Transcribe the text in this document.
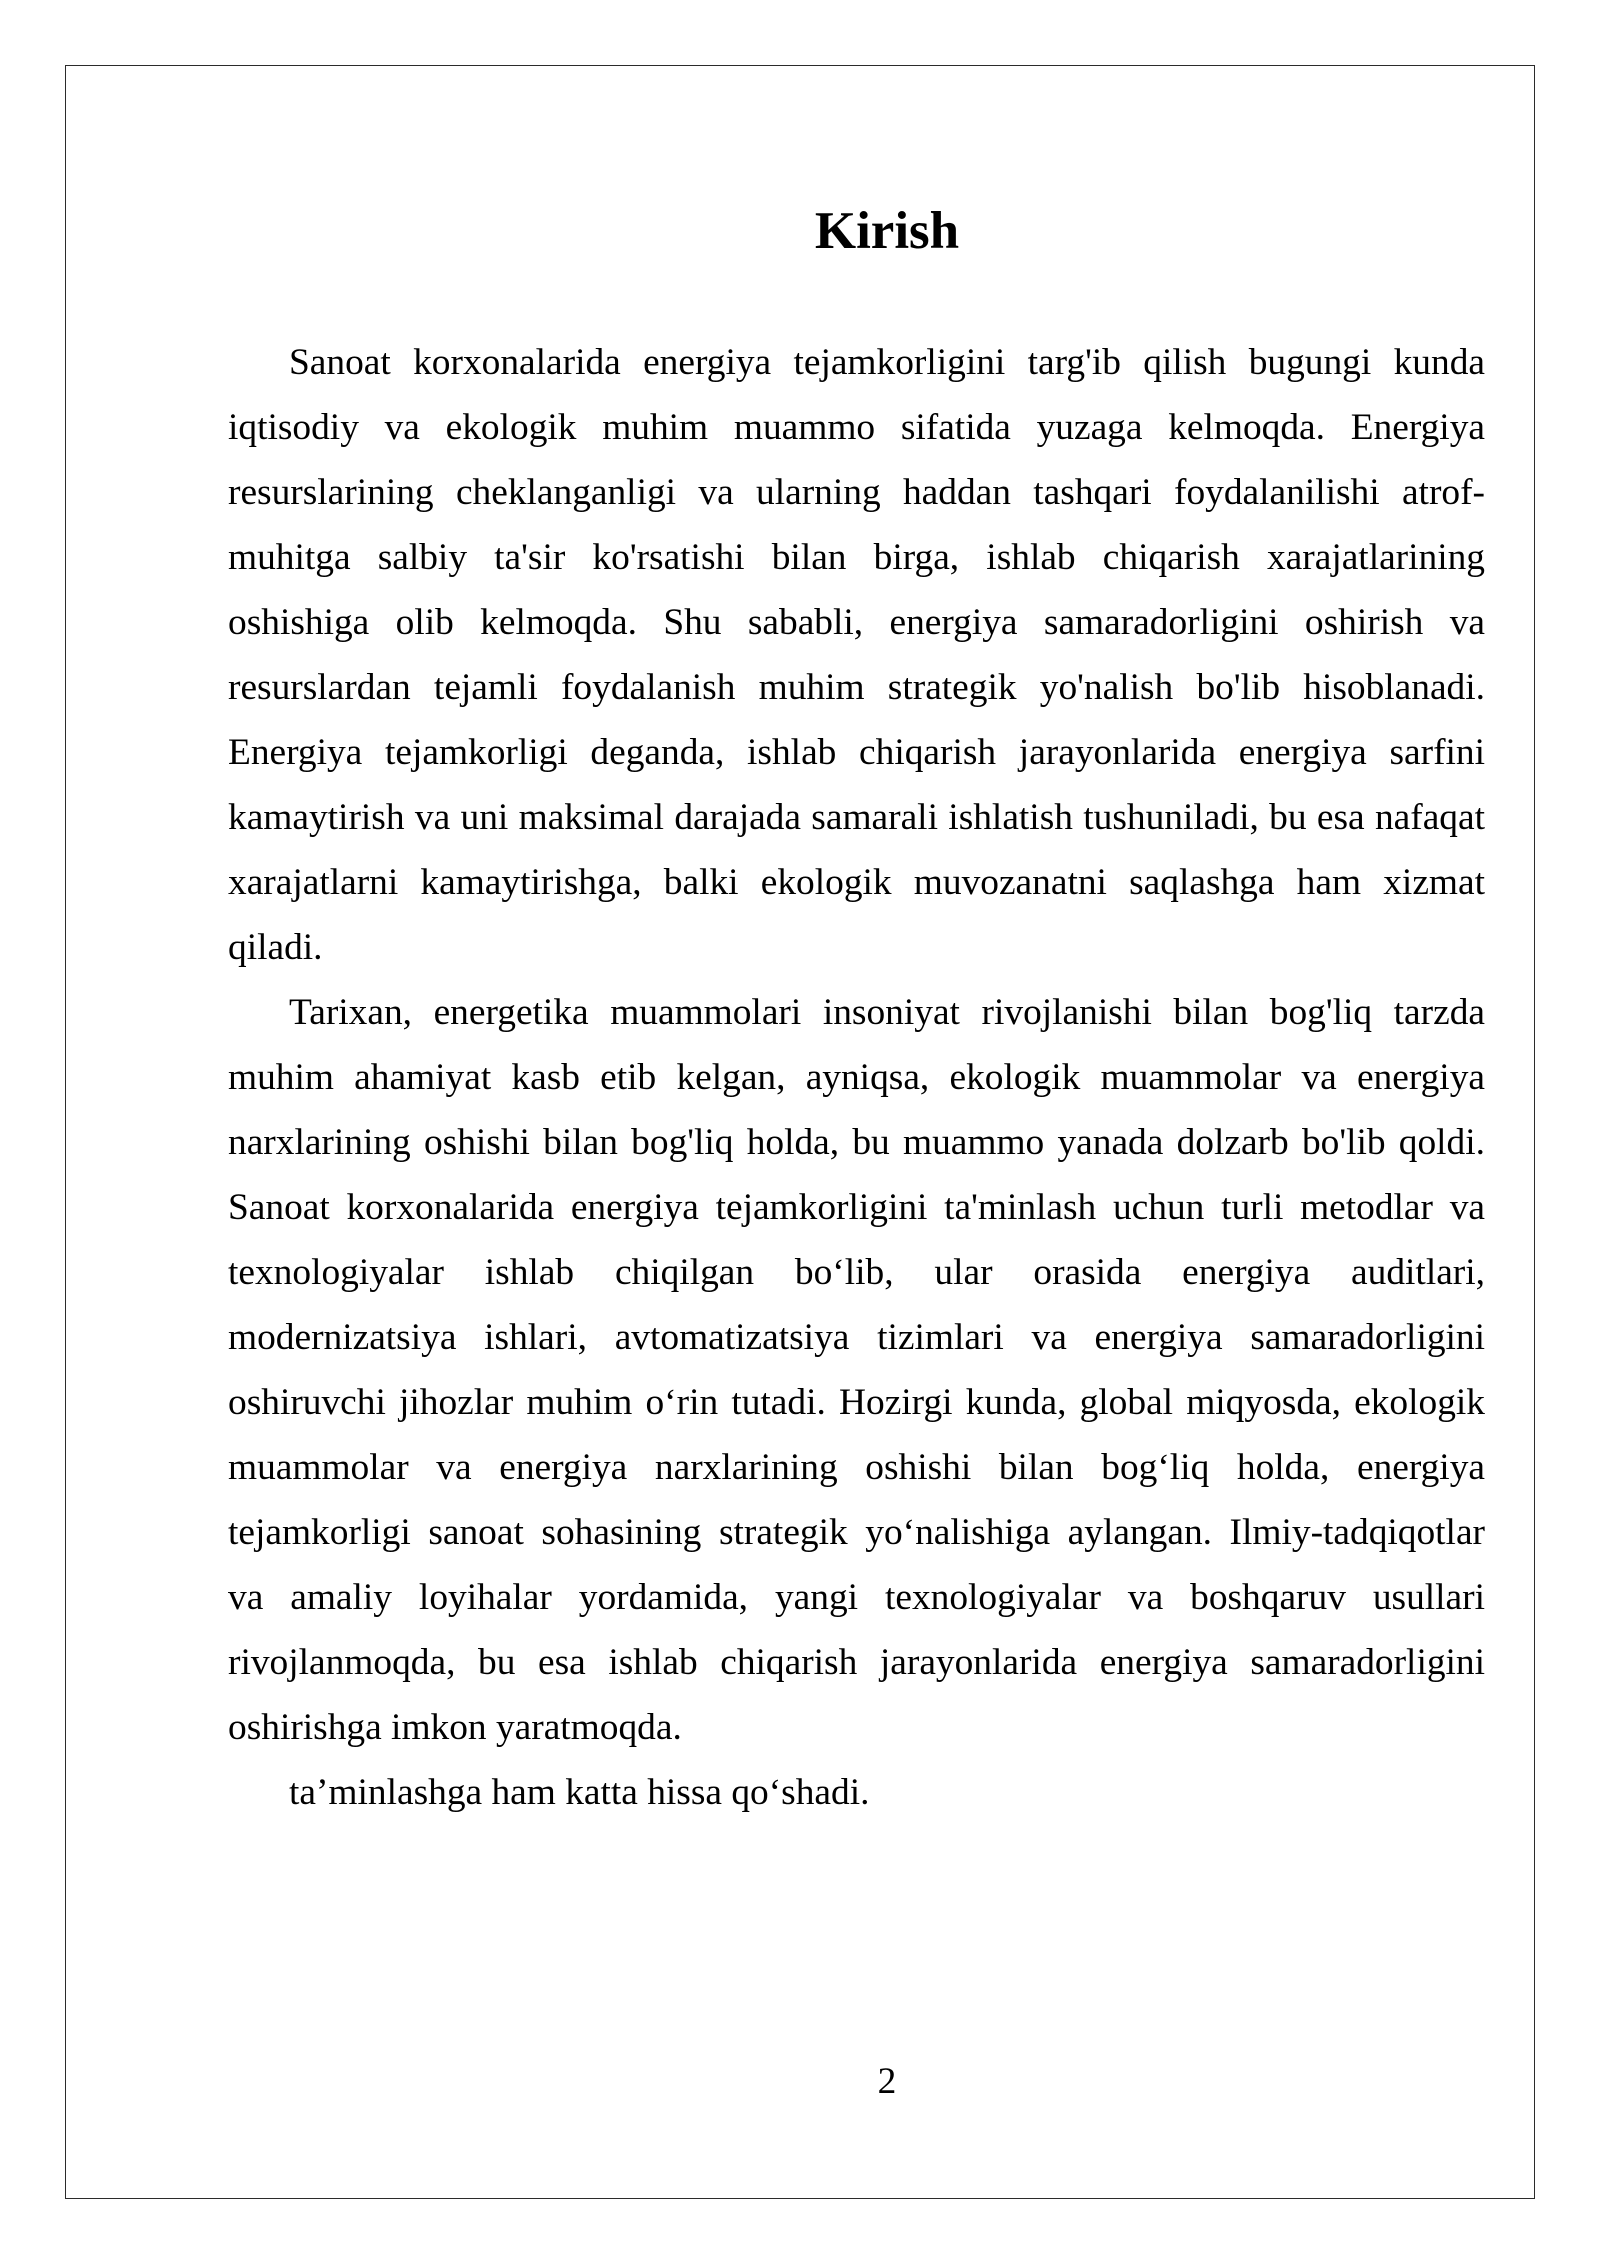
Kirish
Sanoat korxonalarida energiya tejamkorligini targ'ib qilish bugungi kunda
iqtisodiy va ekologik muhim muammo sifatida yuzaga kelmoqda. Energiya
resurslarining cheklanganligi va ularning haddan tashqari foydalanilishi atrof-
muhitga salbiy ta'sir ko'rsatishi bilan birga, ishlab chiqarish xarajatlarining
oshishiga olib kelmoqda. Shu sababli, energiya samaradorligini oshirish va
resurslardan tejamli foydalanish muhim strategik yo'nalish bo'lib hisoblanadi.
Energiya tejamkorligi deganda, ishlab chiqarish jarayonlarida energiya sarfini
kamaytirish va uni maksimal darajada samarali ishlatish tushuniladi, bu esa nafaqat
xarajatlarni kamaytirishga, balki ekologik muvozanatni saqlashga ham xizmat
qiladi.
Tarixan, energetika muammolari insoniyat rivojlanishi bilan bog'liq tarzda
muhim ahamiyat kasb etib kelgan, ayniqsa, ekologik muammolar va energiya
narxlarining oshishi bilan bog'liq holda, bu muammo yanada dolzarb bo'lib qoldi.
Sanoat korxonalarida energiya tejamkorligini ta'minlash uchun turli metodlar va
texnologiyalar ishlab chiqilgan bo‘lib, ular orasida energiya auditlari,
modernizatsiya ishlari, avtomatizatsiya tizimlari va energiya samaradorligini
oshiruvchi jihozlar muhim o‘rin tutadi. Hozirgi kunda, global miqyosda, ekologik
muammolar va energiya narxlarining oshishi bilan bog‘liq holda, energiya
tejamkorligi sanoat sohasining strategik yo‘nalishiga aylangan. Ilmiy-tadqiqotlar
va amaliy loyihalar yordamida, yangi texnologiyalar va boshqaruv usullari
rivojlanmoqda, bu esa ishlab chiqarish jarayonlarida energiya samaradorligini
oshirishga imkon yaratmoqda.
ta’minlashga ham katta hissa qo‘shadi.
2
